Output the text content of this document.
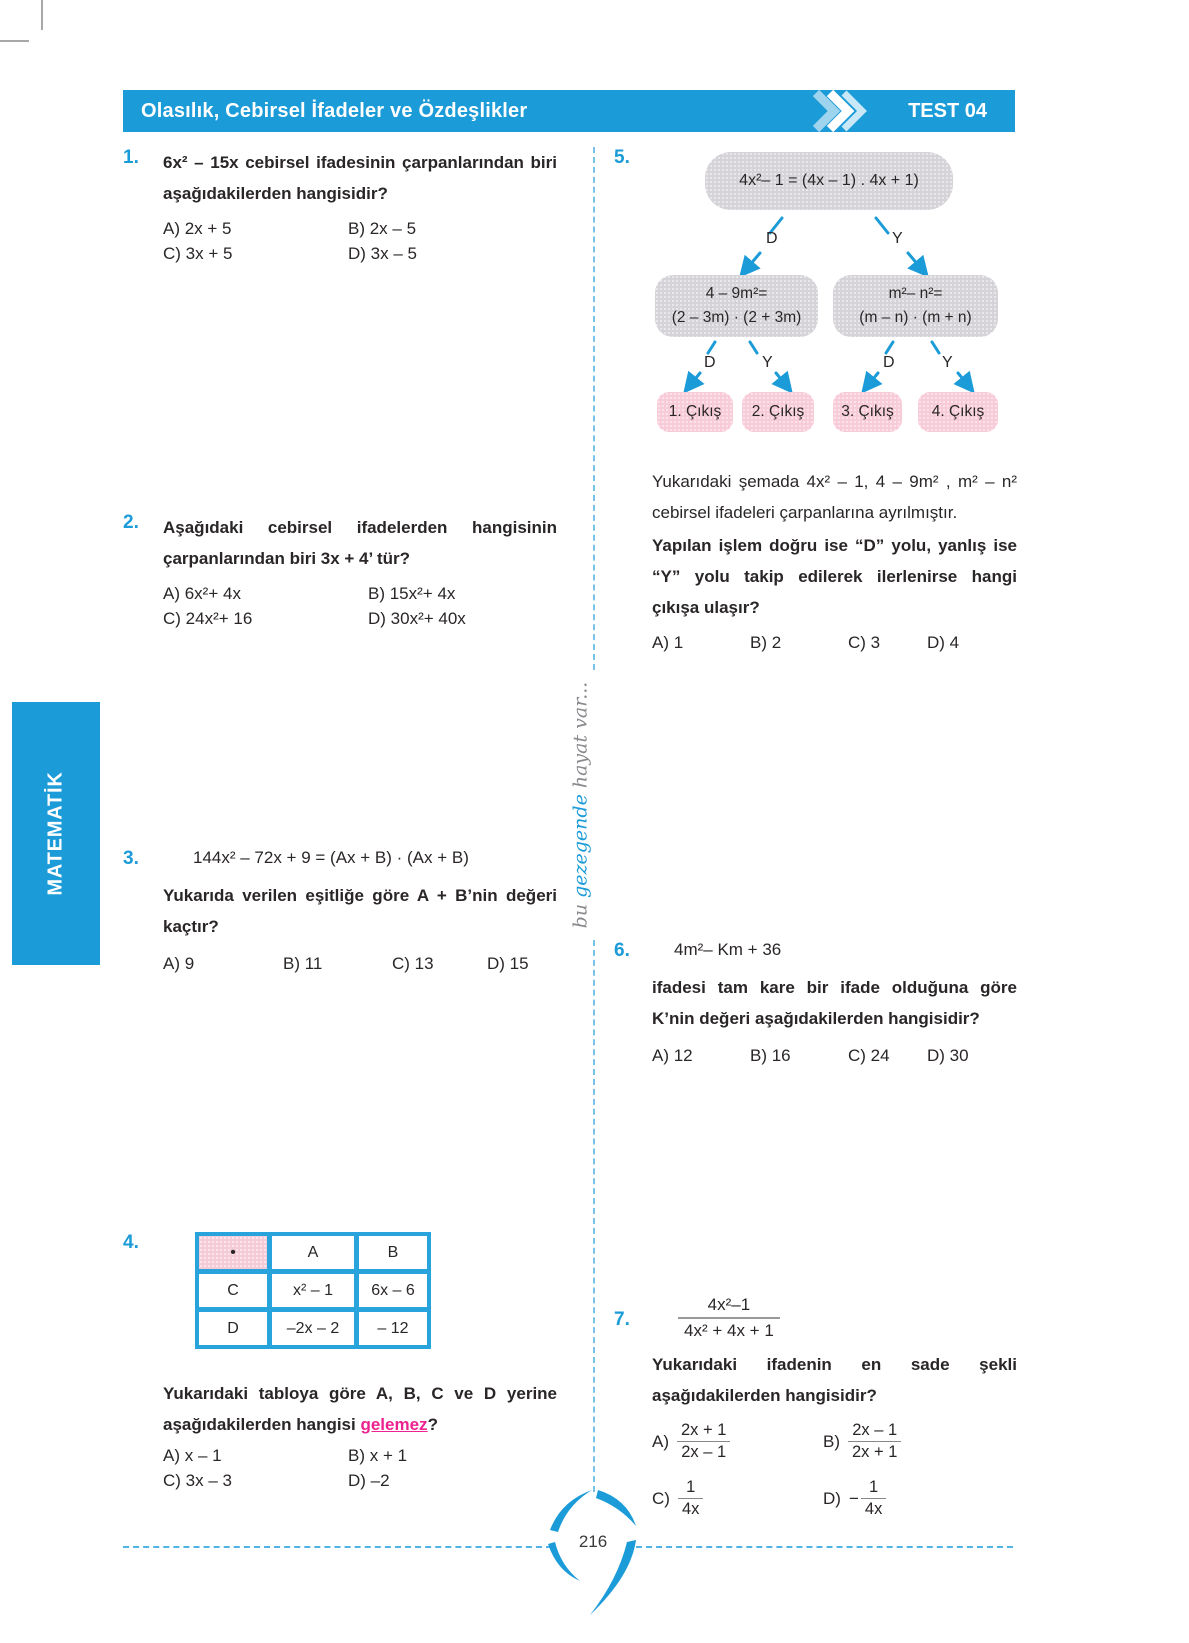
Olasılık, Cebirsel İfadeler ve Özdeşlikler	TEST 04
MATEMATİK
bu gezegende hayat var...
1. 6x² – 15x cebirsel ifadesinin çarpanlarından biri aşağıdakilerden hangisidir?

A) 2x + 5	B) 2x – 5
C) 3x + 5	D) 3x – 5
2. Aşağıdaki cebirsel ifadelerden hangisinin çarpanlarından biri 3x + 4’ tür?

A) 6x²+ 4x	B) 15x²+ 4x
C) 24x²+ 16	D) 30x²+ 40x
3.	144x² – 72x + 9 = (Ax + B) · (Ax + B)

Yukarıda verilen eşitliğe göre A + B’nin değeri kaçtır?

A) 9	B) 11	C) 13	D) 15
4.	•	A	B
C	x² – 1	6x – 6
D	–2x – 2	– 12

Yukarıdaki tabloya göre A, B, C ve D yerine aşağıdakilerden hangisi gelemez?

A) x – 1	B) x + 1
C) 3x – 3	D) –2
5.
4x²– 1 = (4x – 1) . 4x + 1)
D	Y
4 – 9m²=
(2 – 3m) · (2 + 3m)
m²– n²=
(m – n) · (m + n)
D	Y	D	Y
1. Çıkış	2. Çıkış	3. Çıkış	4. Çıkış

Yukarıdaki şemada 4x² – 1, 4 – 9m² , m² – n² cebirsel ifadeleri çarpanlarına ayrılmıştır.

Yapılan işlem doğru ise “D” yolu, yanlış ise “Y” yolu takip edilerek ilerlenirse hangi çıkışa ulaşır?

A) 1	B) 2	C) 3	D) 4
6.	4m²– Km + 36

ifadesi tam kare bir ifade olduğuna göre K’nin değeri aşağıdakilerden hangisidir?

A) 12	B) 16	C) 24	D) 30
7.	$\frac{\text{4x²–1}}{\text{4x² + 4x + 1}}$

Yukarıdaki ifadenin en sade şekli aşağıdakilerden hangisidir?

$A) \frac{2x + 1}{2x - 1}$	$B) \frac{2x - 1}{2x + 1}$
$C) \frac{1}{4x}$	$D) - \frac{1}{4x}$
216
